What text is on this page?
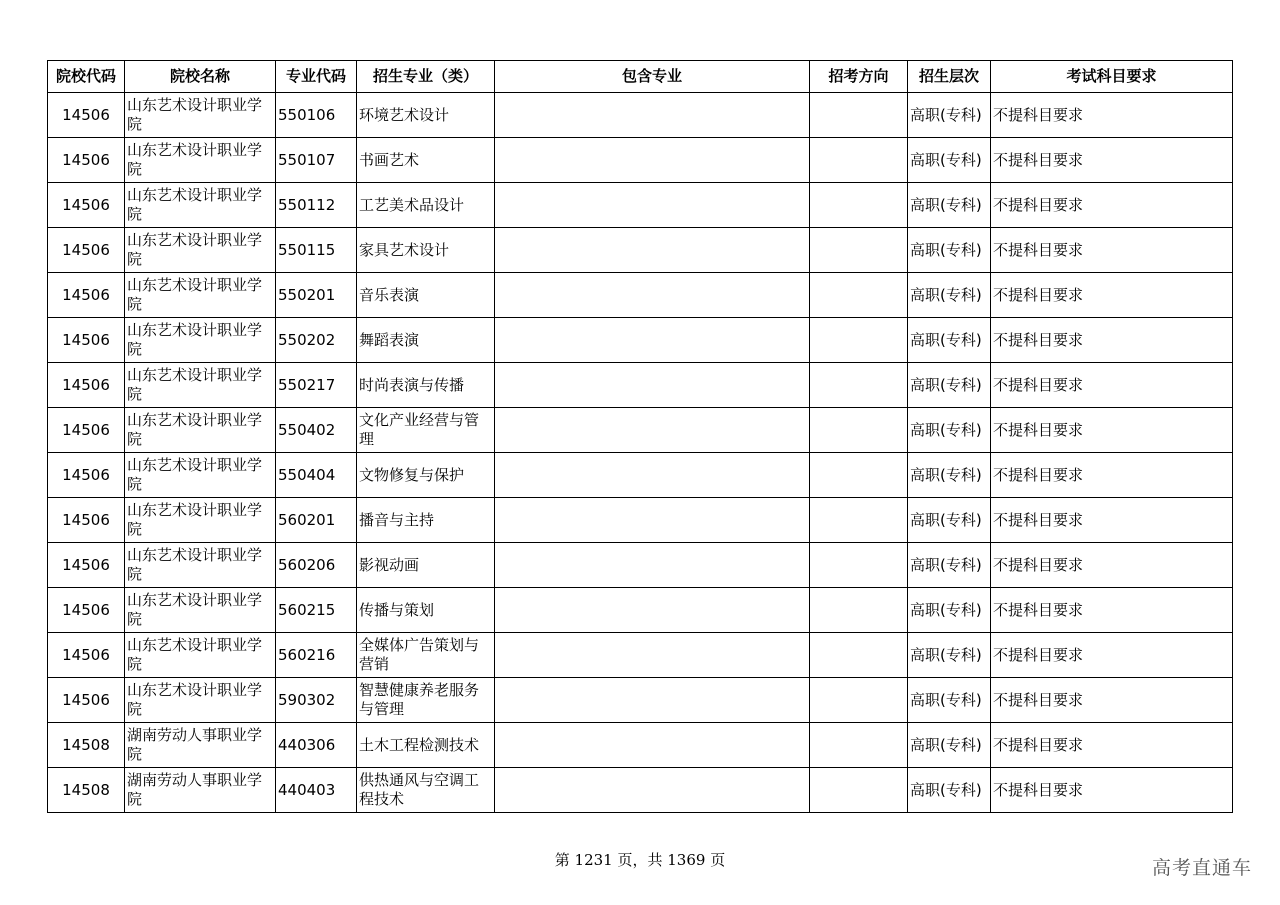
院校代码	院校名称	专业代码	招生专业（类）	包含专业	招考方向	招生层次	考试科目要求
14506	山东艺术设计职业学院	550106	环境艺术设计			高职(专科)	不提科目要求
14506	山东艺术设计职业学院	550107	书画艺术			高职(专科)	不提科目要求
14506	山东艺术设计职业学院	550112	工艺美术品设计			高职(专科)	不提科目要求
14506	山东艺术设计职业学院	550115	家具艺术设计			高职(专科)	不提科目要求
14506	山东艺术设计职业学院	550201	音乐表演			高职(专科)	不提科目要求
14506	山东艺术设计职业学院	550202	舞蹈表演			高职(专科)	不提科目要求
14506	山东艺术设计职业学院	550217	时尚表演与传播			高职(专科)	不提科目要求
14506	山东艺术设计职业学院	550402	文化产业经营与管理			高职(专科)	不提科目要求
14506	山东艺术设计职业学院	550404	文物修复与保护			高职(专科)	不提科目要求
14506	山东艺术设计职业学院	560201	播音与主持			高职(专科)	不提科目要求
14506	山东艺术设计职业学院	560206	影视动画			高职(专科)	不提科目要求
14506	山东艺术设计职业学院	560215	传播与策划			高职(专科)	不提科目要求
14506	山东艺术设计职业学院	560216	全媒体广告策划与营销			高职(专科)	不提科目要求
14506	山东艺术设计职业学院	590302	智慧健康养老服务与管理			高职(专科)	不提科目要求
14508	湖南劳动人事职业学院	440306	土木工程检测技术			高职(专科)	不提科目要求
14508	湖南劳动人事职业学院	440403	供热通风与空调工程技术			高职(专科)	不提科目要求
第 1231 页，共 1369 页	高考直通车
